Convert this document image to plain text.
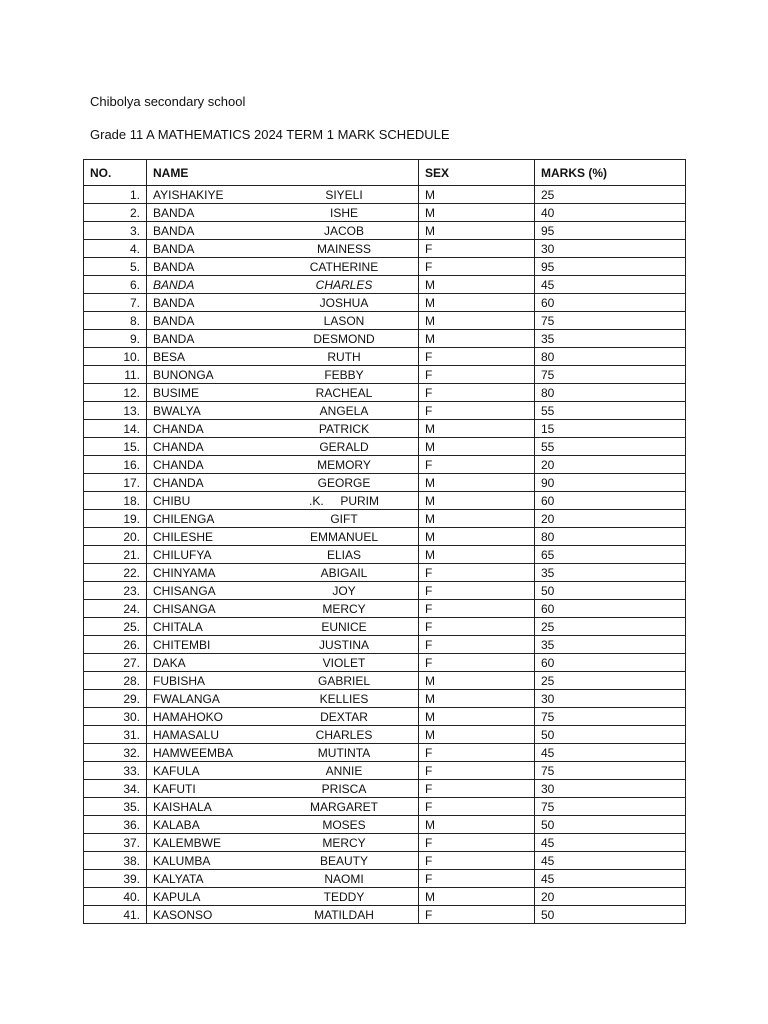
Chibolya secondary school
Grade 11 A MATHEMATICS 2024 TERM 1 MARK SCHEDULE
NO.	NAME	SEX	MARKS (%)
1.	AYISHAKIYE SIYELI	M	25
2.	BANDA ISHE	M	40
3.	BANDA JACOB	M	95
4.	BANDA MAINESS	F	30
5.	BANDA CATHERINE	F	95
6.	BANDA CHARLES	M	45
7.	BANDA JOSHUA	M	60
8.	BANDA LASON	M	75
9.	BANDA DESMOND	M	35
10.	BESA RUTH	F	80
11.	BUNONGA FEBBY	F	75
12.	BUSIME RACHEAL	F	80
13.	BWALYA ANGELA	F	55
14.	CHANDA PATRICK	M	15
15.	CHANDA GERALD	M	55
16.	CHANDA MEMORY	F	20
17.	CHANDA GEORGE	M	90
18.	CHIBU .K.     PURIM	M	60
19.	CHILENGA GIFT	M	20
20.	CHILESHE EMMANUEL	M	80
21.	CHILUFYA ELIAS	M	65
22.	CHINYAMA ABIGAIL	F	35
23.	CHISANGA JOY	F	50
24.	CHISANGA MERCY	F	60
25.	CHITALA EUNICE	F	25
26.	CHITEMBI JUSTINA	F	35
27.	DAKA VIOLET	F	60
28.	FUBISHA GABRIEL	M	25
29.	FWALANGA KELLIES	M	30
30.	HAMAHOKO DEXTAR	M	75
31.	HAMASALU CHARLES	M	50
32.	HAMWEEMBA MUTINTA	F	45
33.	KAFULA ANNIE	F	75
34.	KAFUTI PRISCA	F	30
35.	KAISHALA MARGARET	F	75
36.	KALABA MOSES	M	50
37.	KALEMBWE MERCY	F	45
38.	KALUMBA BEAUTY	F	45
39.	KALYATA NAOMI	F	45
40.	KAPULA TEDDY	M	20
41.	KASONSO MATILDAH	F	50
